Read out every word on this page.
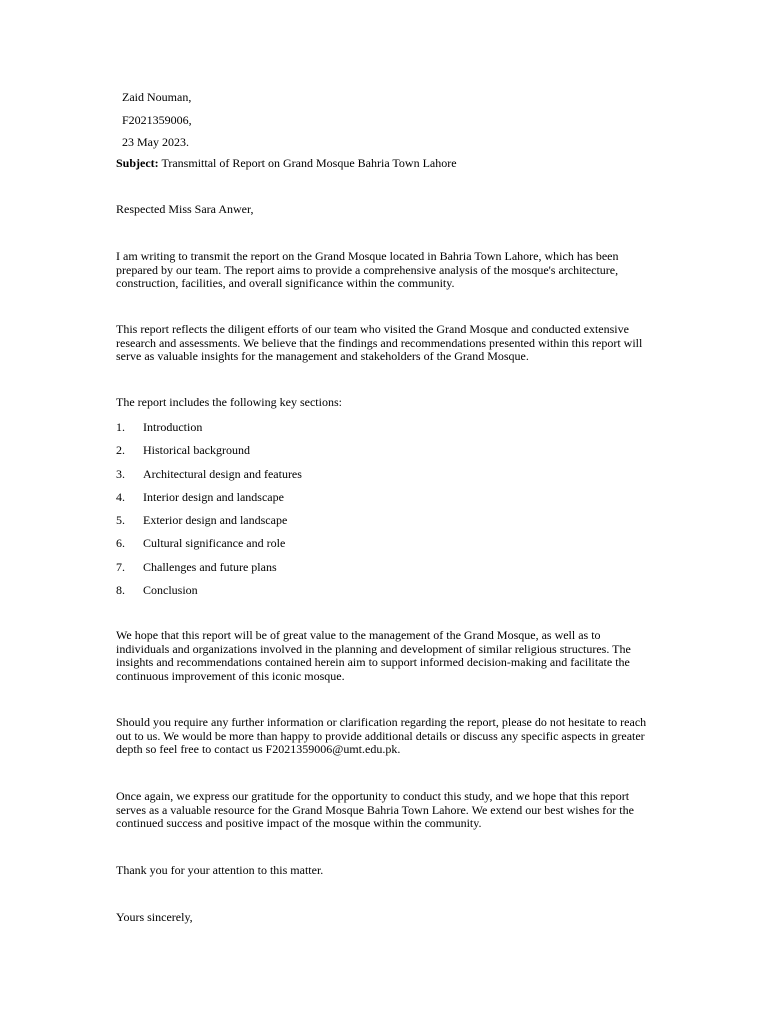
Zaid Nouman,
F2021359006,
23 May 2023.
Subject: Transmittal of Report on Grand Mosque Bahria Town Lahore
Respected Miss Sara Anwer,
I am writing to transmit the report on the Grand Mosque located in Bahria Town Lahore, which has been prepared by our team. The report aims to provide a comprehensive analysis of the mosque's architecture, construction, facilities, and overall significance within the community.
This report reflects the diligent efforts of our team who visited the Grand Mosque and conducted extensive research and assessments. We believe that the findings and recommendations presented within this report will serve as valuable insights for the management and stakeholders of the Grand Mosque.
The report includes the following key sections:
1. Introduction
2. Historical background
3. Architectural design and features
4. Interior design and landscape
5. Exterior design and landscape
6. Cultural significance and role
7. Challenges and future plans
8. Conclusion
We hope that this report will be of great value to the management of the Grand Mosque, as well as to individuals and organizations involved in the planning and development of similar religious structures. The insights and recommendations contained herein aim to support informed decision-making and facilitate the continuous improvement of this iconic mosque.
Should you require any further information or clarification regarding the report, please do not hesitate to reach out to us. We would be more than happy to provide additional details or discuss any specific aspects in greater depth so feel free to contact us F2021359006@umt.edu.pk.
Once again, we express our gratitude for the opportunity to conduct this study, and we hope that this report serves as a valuable resource for the Grand Mosque Bahria Town Lahore. We extend our best wishes for the continued success and positive impact of the mosque within the community.
Thank you for your attention to this matter.
Yours sincerely,
